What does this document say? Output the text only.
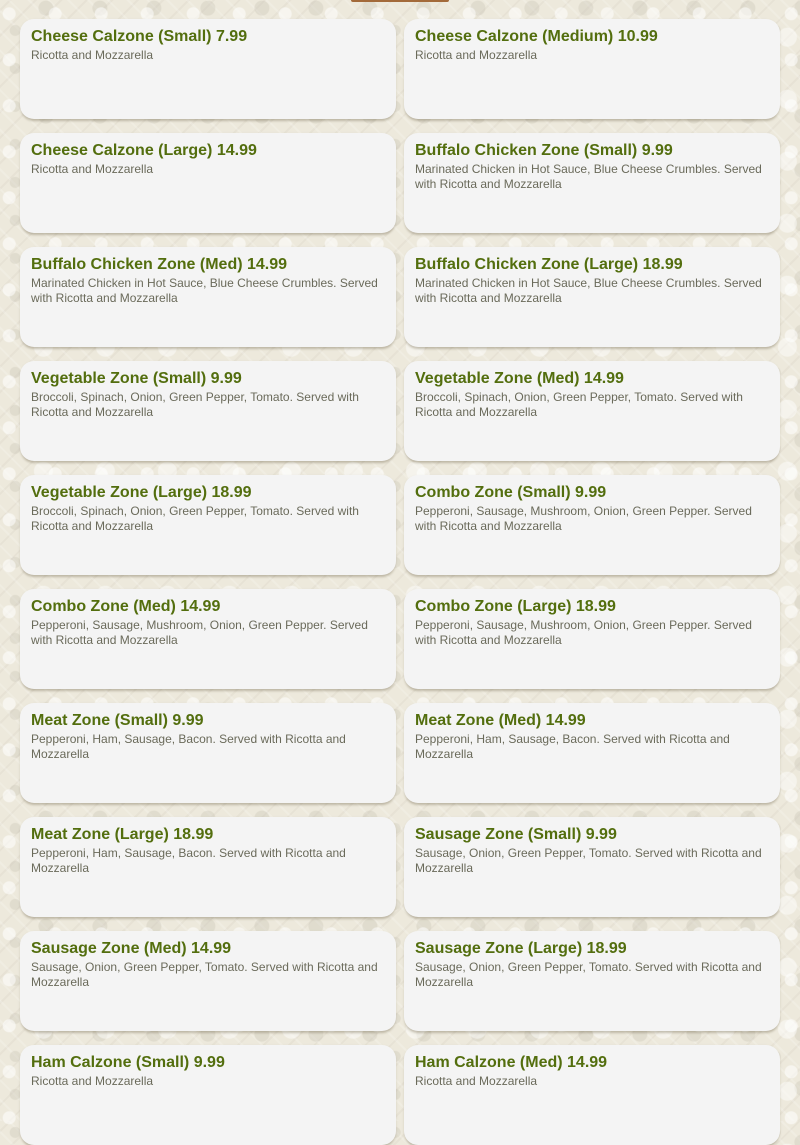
Cheese Calzone (Small) 7.99
Ricotta and Mozzarella
Cheese Calzone (Medium) 10.99
Ricotta and Mozzarella
Cheese Calzone (Large) 14.99
Ricotta and Mozzarella
Buffalo Chicken Zone (Small) 9.99
Marinated Chicken in Hot Sauce, Blue Cheese Crumbles. Served with Ricotta and Mozzarella
Buffalo Chicken Zone (Med) 14.99
Marinated Chicken in Hot Sauce, Blue Cheese Crumbles. Served with Ricotta and Mozzarella
Buffalo Chicken Zone (Large) 18.99
Marinated Chicken in Hot Sauce, Blue Cheese Crumbles. Served with Ricotta and Mozzarella
Vegetable Zone (Small) 9.99
Broccoli, Spinach, Onion, Green Pepper, Tomato. Served with Ricotta and Mozzarella
Vegetable Zone (Med) 14.99
Broccoli, Spinach, Onion, Green Pepper, Tomato. Served with Ricotta and Mozzarella
Vegetable Zone (Large) 18.99
Broccoli, Spinach, Onion, Green Pepper, Tomato. Served with Ricotta and Mozzarella
Combo Zone (Small) 9.99
Pepperoni, Sausage, Mushroom, Onion, Green Pepper. Served with Ricotta and Mozzarella
Combo Zone (Med) 14.99
Pepperoni, Sausage, Mushroom, Onion, Green Pepper. Served with Ricotta and Mozzarella
Combo Zone (Large) 18.99
Pepperoni, Sausage, Mushroom, Onion, Green Pepper. Served with Ricotta and Mozzarella
Meat Zone (Small) 9.99
Pepperoni, Ham, Sausage, Bacon. Served with Ricotta and Mozzarella
Meat Zone (Med) 14.99
Pepperoni, Ham, Sausage, Bacon. Served with Ricotta and Mozzarella
Meat Zone (Large) 18.99
Pepperoni, Ham, Sausage, Bacon. Served with Ricotta and Mozzarella
Sausage Zone (Small) 9.99
Sausage, Onion, Green Pepper, Tomato. Served with Ricotta and Mozzarella
Sausage Zone (Med) 14.99
Sausage, Onion, Green Pepper, Tomato. Served with Ricotta and Mozzarella
Sausage Zone (Large) 18.99
Sausage, Onion, Green Pepper, Tomato. Served with Ricotta and Mozzarella
Ham Calzone (Small) 9.99
Ricotta and Mozzarella
Ham Calzone (Med) 14.99
Ricotta and Mozzarella
